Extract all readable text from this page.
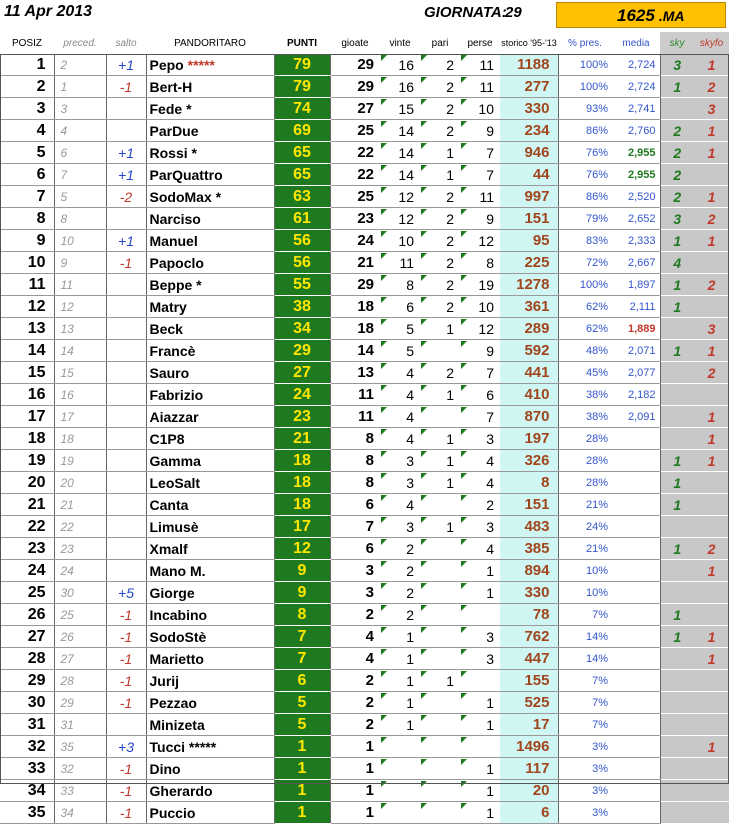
11 Apr 2013	GIORNATA:
29	1625 .MA
POSIZ	preced.	salto	PANDORITARO	PUNTI	gioate	vinte	pari	perse	storico '95-'13	% pres.	media	sky	skyfo
1	2	+1	Pepo *****	79	29	16	2	11	1188	100%	2,724	3	1
2	1	-1	Bert-H	79	29	16	2	11	277	100%	2,724	1	2
3	3		Fede *	74	27	15	2	10	330	93%	2,741		3
4	4		ParDue	69	25	14	2	9	234	86%	2,760	2	1
5	6	+1	Rossi *	65	22	14	1	7	946	76%	2,955	2	1
6	7	+1	ParQuattro	65	22	14	1	7	44	76%	2,955	2	
7	5	-2	SodoMax *	63	25	12	2	11	997	86%	2,520	2	1
8	8		Narciso	61	23	12	2	9	151	79%	2,652	3	2
9	10	+1	Manuel	56	24	10	2	12	95	83%	2,333	1	1
10	9	-1	Papoclo	56	21	11	2	8	225	72%	2,667	4	
11	11		Beppe *	55	29	8	2	19	1278	100%	1,897	1	2
12	12		Matry	38	18	6	2	10	361	62%	2,111	1	
13	13		Beck	34	18	5	1	12	289	62%	1,889		3
14	14		Francè	29	14	5		9	592	48%	2,071	1	1
15	15		Sauro	27	13	4	2	7	441	45%	2,077		2
16	16		Fabrizio	24	11	4	1	6	410	38%	2,182		
17	17		Aiazzar	23	11	4		7	870	38%	2,091		1
18	18		C1P8	21	8	4	1	3	197	28%			1
19	19		Gamma	18	8	3	1	4	326	28%		1	1
20	20		LeoSalt	18	8	3	1	4	8	28%		1	
21	21		Canta	18	6	4		2	151	21%		1	
22	22		Limusè	17	7	3	1	3	483	24%			
23	23		Xmalf	12	6	2		4	385	21%		1	2
24	24		Mano M.	9	3	2		1	894	10%			1
25	30	+5	Giorge	9	3	2		1	330	10%			
26	25	-1	Incabino	8	2	2			78	7%		1	
27	26	-1	SodoStè	7	4	1		3	762	14%		1	1
28	27	-1	Marietto	7	4	1		3	447	14%			1
29	28	-1	Jurij	6	2	1	1		155	7%			
30	29	-1	Pezzao	5	2	1		1	525	7%			
31	31		Minizeta	5	2	1		1	17	7%			
32	35	+3	Tucci *****	1	1				1496	3%			1
33	32	-1	Dino	1	1			1	117	3%			
34	33	-1	Gherardo	1	1			1	20	3%			
35	34	-1	Puccio	1	1			1	6	3%			
